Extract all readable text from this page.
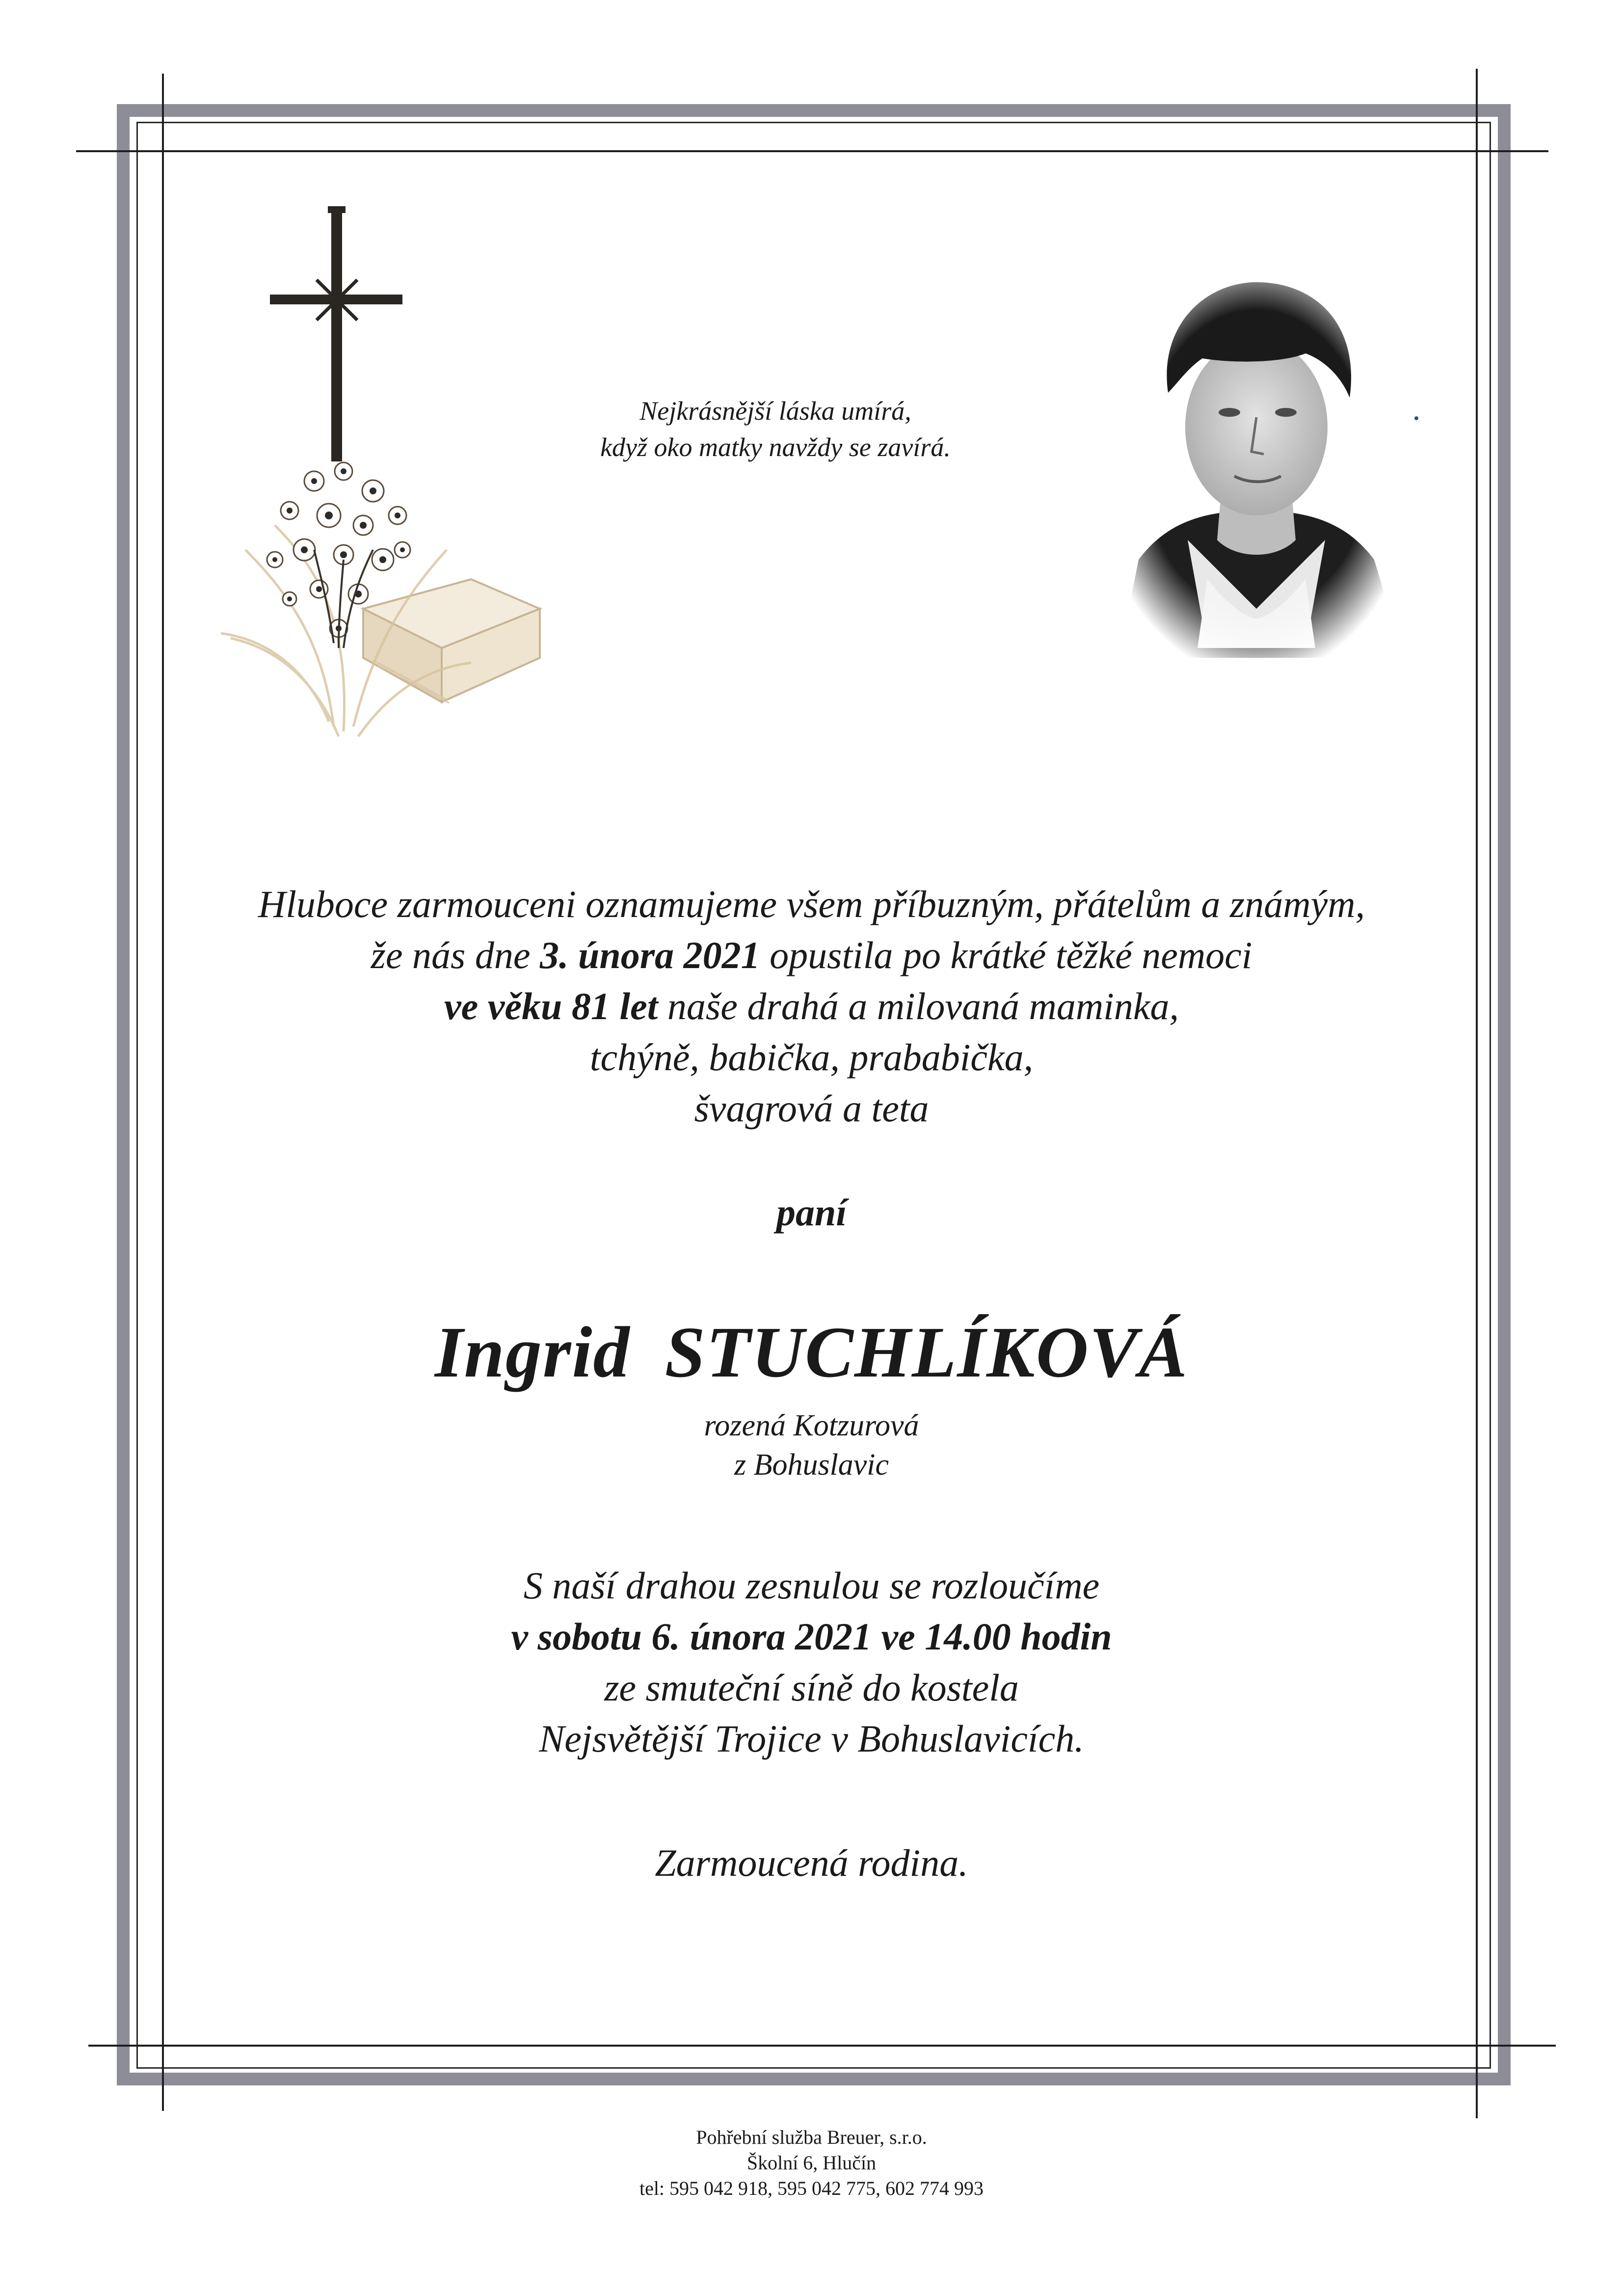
Nejkrásnější láska umírá,
když oko matky navždy se zavírá.
Hluboce zarmouceni oznamujeme všem příbuzným, přátelům a známým,
že nás dne 3. února 2021 opustila po krátké těžké nemoci
ve věku 81 let naše drahá a milovaná maminka,
tchýně, babička, prababička,
švagrová a teta
paní
Ingrid STUCHLÍKOVÁ
rozená Kotzurová
z Bohuslavic
S naší drahou zesnulou se rozloučíme
v sobotu 6. února 2021 ve 14.00 hodin
ze smuteční síně do kostela
Nejsvětější Trojice v Bohuslavicích.
Zarmoucená rodina.
Pohřební služba Breuer, s.r.o.
Školní 6, Hlučín
tel: 595 042 918, 595 042 775, 602 774 993
